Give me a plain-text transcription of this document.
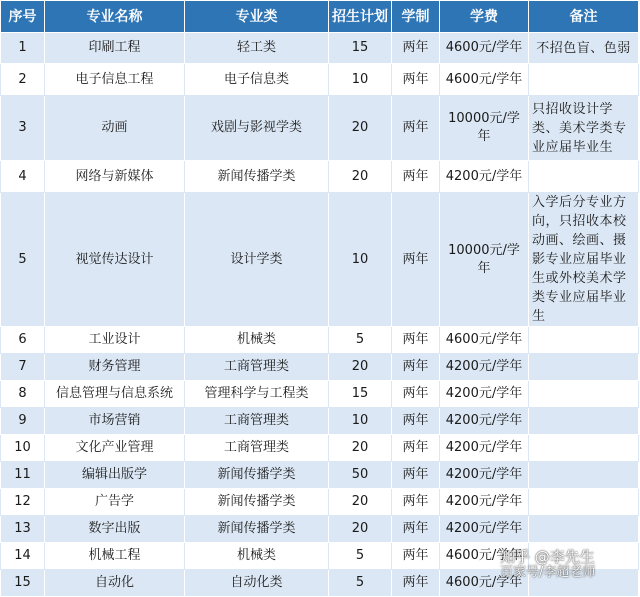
序号	专业名称	专业类	招生计划	学制	学费	备注
1	印刷工程	轻工类	15	两年	4600元/学年	不招色盲、色弱
2	电子信息工程	电子信息类	10	两年	4600元/学年	
3	动画	戏剧与影视学类	20	两年	10000元/学年	只招收设计学类、美术学类专业应届毕业生
4	网络与新媒体	新闻传播学类	20	两年	4200元/学年	
5	视觉传达设计	设计学类	10	两年	10000元/学年	入学后分专业方向，只招收本校动画、绘画、摄影专业应届毕业生或外校美术学类专业应届毕业生
6	工业设计	机械类	5	两年	4600元/学年	
7	财务管理	工商管理类	20	两年	4200元/学年	
8	信息管理与信息系统	管理科学与工程类	15	两年	4200元/学年	
9	市场营销	工商管理类	10	两年	4200元/学年	
10	文化产业管理	工商管理类	20	两年	4200元/学年	
11	编辑出版学	新闻传播学类	50	两年	4200元/学年	
12	广告学	新闻传播学类	20	两年	4200元/学年	
13	数字出版	新闻传播学类	20	两年	4200元/学年	
14	机械工程	机械类	5	两年	4600元/学年	
15	自动化	自动化类	5	两年	4600元/学年	
知乎 @李先生
百家号/李超老师
